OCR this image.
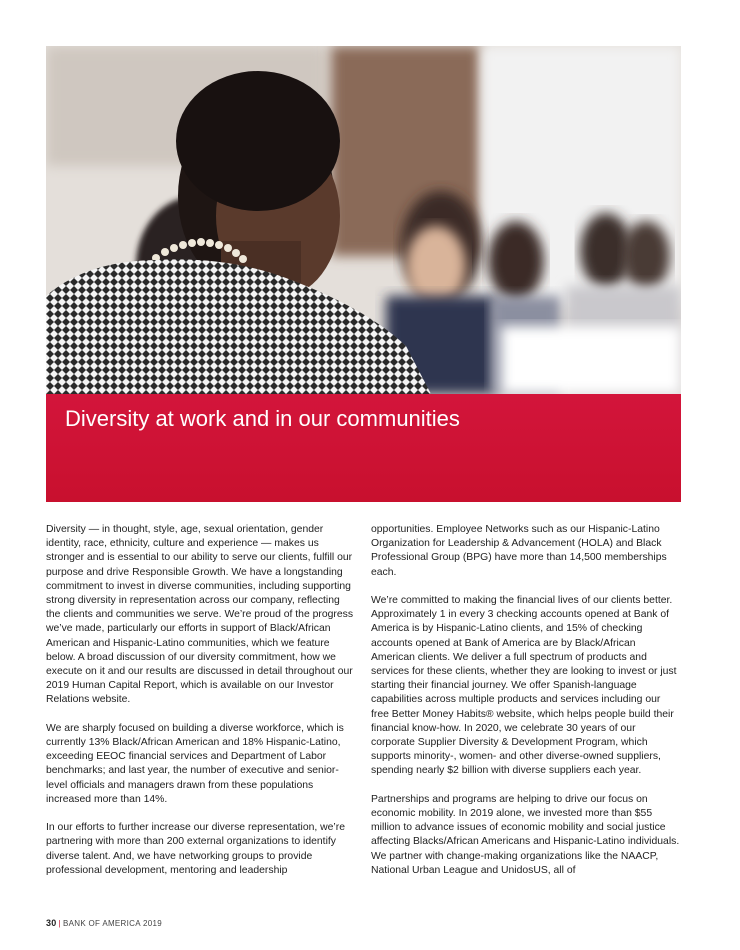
Diversity at work and in our communities

Diversity — in thought, style, age, sexual orientation, gender identity, race, ethnicity, culture and experience — makes us stronger and is essential to our ability to serve our clients, fulfill our purpose and drive Responsible Growth. We have a longstanding commitment to invest in diverse communities, including supporting strong diversity in representation across our company, reflecting the clients and communities we serve. We’re proud of the progress we’ve made, particularly our efforts in support of Black/African American and Hispanic-Latino communities, which we feature below. A broad discussion of our diversity commitment, how we execute on it and our results are discussed in detail throughout our 2019 Human Capital Report, which is available on our Investor Relations website.

We are sharply focused on building a diverse workforce, which is currently 13% Black/African American and 18% Hispanic-Latino, exceeding EEOC financial services and Department of Labor benchmarks; and last year, the number of executive and senior-level officials and managers drawn from these populations increased more than 14%.

In our efforts to further increase our diverse representation, we’re partnering with more than 200 external organizations to identify diverse talent. And, we have networking groups to provide professional development, mentoring and leadership

opportunities. Employee Networks such as our Hispanic-Latino Organization for Leadership & Advancement (HOLA) and Black Professional Group (BPG) have more than 14,500 memberships each.

We’re committed to making the financial lives of our clients better. Approximately 1 in every 3 checking accounts opened at Bank of America is by Hispanic-Latino clients, and 15% of checking accounts opened at Bank of America are by Black/African American clients. We deliver a full spectrum of products and services for these clients, whether they are looking to invest or just starting their financial journey. We offer Spanish-language capabilities across multiple products and services including our free Better Money Habits® website, which helps people build their financial know-how. In 2020, we celebrate 30 years of our corporate Supplier Diversity & Development Program, which supports minority-, women- and other diverse-owned suppliers, spending nearly $2 billion with diverse suppliers each year.

Partnerships and programs are helping to drive our focus on economic mobility. In 2019 alone, we invested more than $55 million to advance issues of economic mobility and social justice affecting Blacks/African Americans and Hispanic-Latino individuals. We partner with change-making organizations like the NAACP, National Urban League and UnidosUS, all of

30 | BANK OF AMERICA 2019
